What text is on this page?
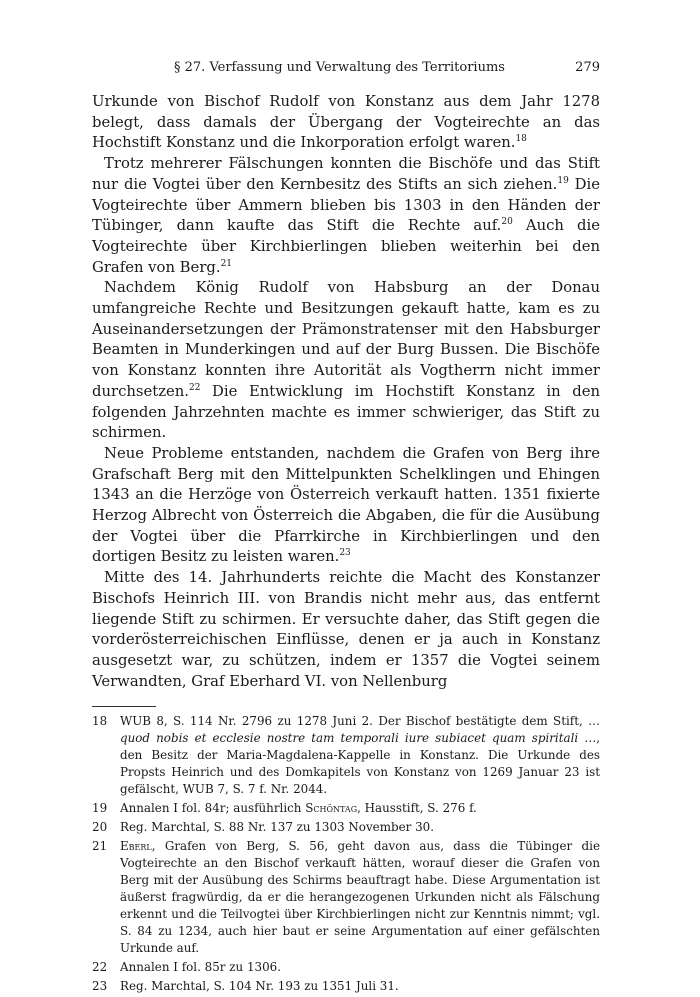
§ 27. Verfassung und Verwaltung des Territoriums	279

Urkunde von Bischof Rudolf von Konstanz aus dem Jahr 1278 belegt, dass damals der Übergang der Vogteirechte an das Hochstift Konstanz und die Inkorporation erfolgt waren.$^{18}$

Trotz mehrerer Fälschungen konnten die Bischöfe und das Stift nur die Vogtei über den Kernbesitz des Stifts an sich ziehen.$^{19}$ Die Vogteirechte über Ammern blieben bis 1303 in den Händen der Tübinger, dann kaufte das Stift die Rechte auf.$^{20}$ Auch die Vogteirechte über Kirchbierlingen blieben weiterhin bei den Grafen von Berg.$^{21}$

Nachdem König Rudolf von Habsburg an der Donau umfangreiche Rechte und Besitzungen gekauft hatte, kam es zu Auseinandersetzungen der Prämonstratenser mit den Habsburger Beamten in Munderkingen und auf der Burg Bussen. Die Bischöfe von Konstanz konnten ihre Autorität als Vogtherrn nicht immer durchsetzen.$^{22}$ Die Entwicklung im Hochstift Konstanz in den folgenden Jahrzehnten machte es immer schwieriger, das Stift zu schirmen.

Neue Probleme entstanden, nachdem die Grafen von Berg ihre Grafschaft Berg mit den Mittelpunkten Schelklingen und Ehingen 1343 an die Herzöge von Österreich verkauft hatten. 1351 fixierte Herzog Albrecht von Österreich die Abgaben, die für die Ausübung der Vogtei über die Pfarrkirche in Kirchbierlingen und den dortigen Besitz zu leisten waren.$^{23}$

Mitte des 14. Jahrhunderts reichte die Macht des Konstanzer Bischofs Heinrich III. von Brandis nicht mehr aus, das entfernt liegende Stift zu schirmen. Er versuchte daher, das Stift gegen die vorderösterreichischen Einflüsse, denen er ja auch in Konstanz ausgesetzt war, zu schützen, indem er 1357 die Vogtei seinem Verwandten, Graf Eberhard VI. von Nellenburg

18	WUB 8, S. 114 Nr. 2796 zu 1278 Juni 2. Der Bischof bestätigte dem Stift, … quod nobis et ecclesie nostre tam temporali iure subiacet quam spiritali …, den Besitz der Maria-Magdalena-Kappelle in Konstanz. Die Urkunde des Propsts Heinrich und des Domkapitels von Konstanz von 1269 Januar 23 ist gefälscht, WUB 7, S. 7 f. Nr. 2044.
19	Annalen I fol. 84r; ausführlich Schöntag, Hausstift, S. 276 f.
20	Reg. Marchtal, S. 88 Nr. 137 zu 1303 November 30.
21	Eberl, Grafen von Berg, S. 56, geht davon aus, dass die Tübinger die Vogteirechte an den Bischof verkauft hätten, worauf dieser die Grafen von Berg mit der Ausübung des Schirms beauftragt habe. Diese Argumentation ist äußerst fragwürdig, da er die herangezogenen Urkunden nicht als Fälschung erkennt und die Teilvogtei über Kirchbierlingen nicht zur Kenntnis nimmt; vgl. S. 84 zu 1234, auch hier baut er seine Argumentation auf einer gefälschten Urkunde auf.
22	Annalen I fol. 85r zu 1306.
23	Reg. Marchtal, S. 104 Nr. 193 zu 1351 Juli 31.
